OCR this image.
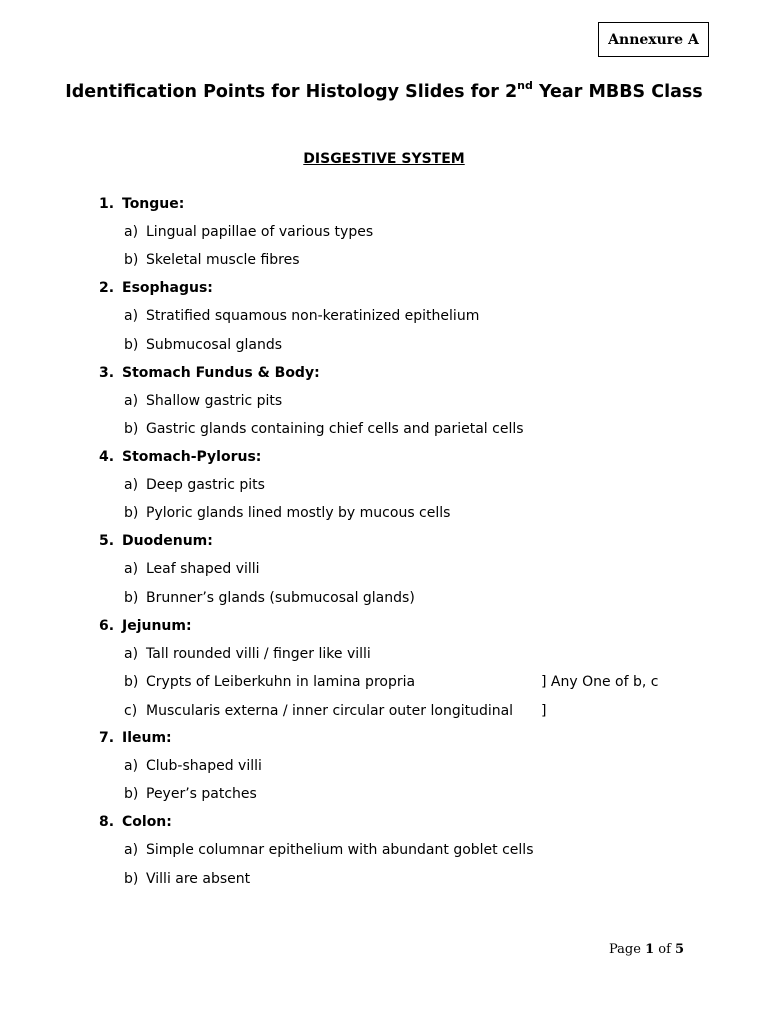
Annexure A
Identification Points for Histology Slides for 2nd Year MBBS Class
DISGESTIVE SYSTEM
1. Tongue:
a) Lingual papillae of various types
b) Skeletal muscle fibres
2. Esophagus:
a) Stratified squamous non-keratinized epithelium
b) Submucosal glands
3. Stomach Fundus & Body:
a) Shallow gastric pits
b) Gastric glands containing chief cells and parietal cells
4. Stomach-Pylorus:
a) Deep gastric pits
b) Pyloric glands lined mostly by mucous cells
5. Duodenum:
a) Leaf shaped villi
b) Brunner’s glands (submucosal glands)
6. Jejunum:
a) Tall rounded villi / finger like villi
b) Crypts of Leiberkuhn in lamina propria	] Any One of b, c
c) Muscularis externa / inner circular outer longitudinal ]
7. Ileum:
a) Club-shaped villi
b) Peyer’s patches
8. Colon:
a) Simple columnar epithelium with abundant goblet cells
b) Villi are absent
Page 1 of 5
